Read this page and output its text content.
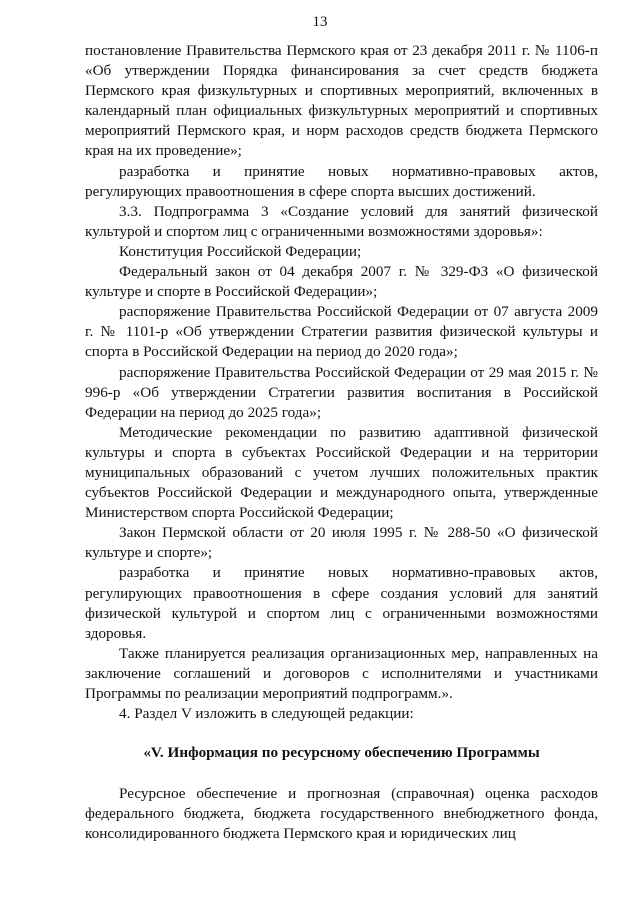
13

постановление Правительства Пермского края от 23 декабря 2011 г. № 1106-п «Об утверждении Порядка финансирования за счет средств бюджета Пермского края физкультурных и спортивных мероприятий, включенных в календарный план официальных физкультурных мероприятий и спортивных мероприятий Пермского края, и норм расходов средств бюджета Пермского края на их проведение»;

разработка и принятие новых нормативно-правовых актов, регулирующих правоотношения в сфере спорта высших достижений.

3.3. Подпрограмма 3 «Создание условий для занятий физической культурой и спортом лиц с ограниченными возможностями здоровья»:

Конституция Российской Федерации;

Федеральный закон от 04 декабря 2007 г. № 329-ФЗ «О физической культуре и спорте в Российской Федерации»;

распоряжение Правительства Российской Федерации от 07 августа 2009 г. № 1101-р «Об утверждении Стратегии развития физической культуры и спорта в Российской Федерации на период до 2020 года»;

распоряжение Правительства Российской Федерации от 29 мая 2015 г. № 996-р «Об утверждении Стратегии развития воспитания в Российской Федерации на период до 2025 года»;

Методические рекомендации по развитию адаптивной физической культуры и спорта в субъектах Российской Федерации и на территории муниципальных образований с учетом лучших положительных практик субъектов Российской Федерации и международного опыта, утвержденные Министерством спорта Российской Федерации;

Закон Пермской области от 20 июля 1995 г. № 288-50 «О физической культуре и спорте»;

разработка и принятие новых нормативно-правовых актов, регулирующих правоотношения в сфере создания условий для занятий физической культурой и спортом лиц с ограниченными возможностями здоровья.

Также планируется реализация организационных мер, направленных на заключение соглашений и договоров с исполнителями и участниками Программы по реализации мероприятий подпрограмм.».

4. Раздел V изложить в следующей редакции:

«V. Информация по ресурсному обеспечению Программы

Ресурсное обеспечение и прогнозная (справочная) оценка расходов федерального бюджета, бюджета государственного внебюджетного фонда, консолидированного бюджета Пермского края и юридических лиц
